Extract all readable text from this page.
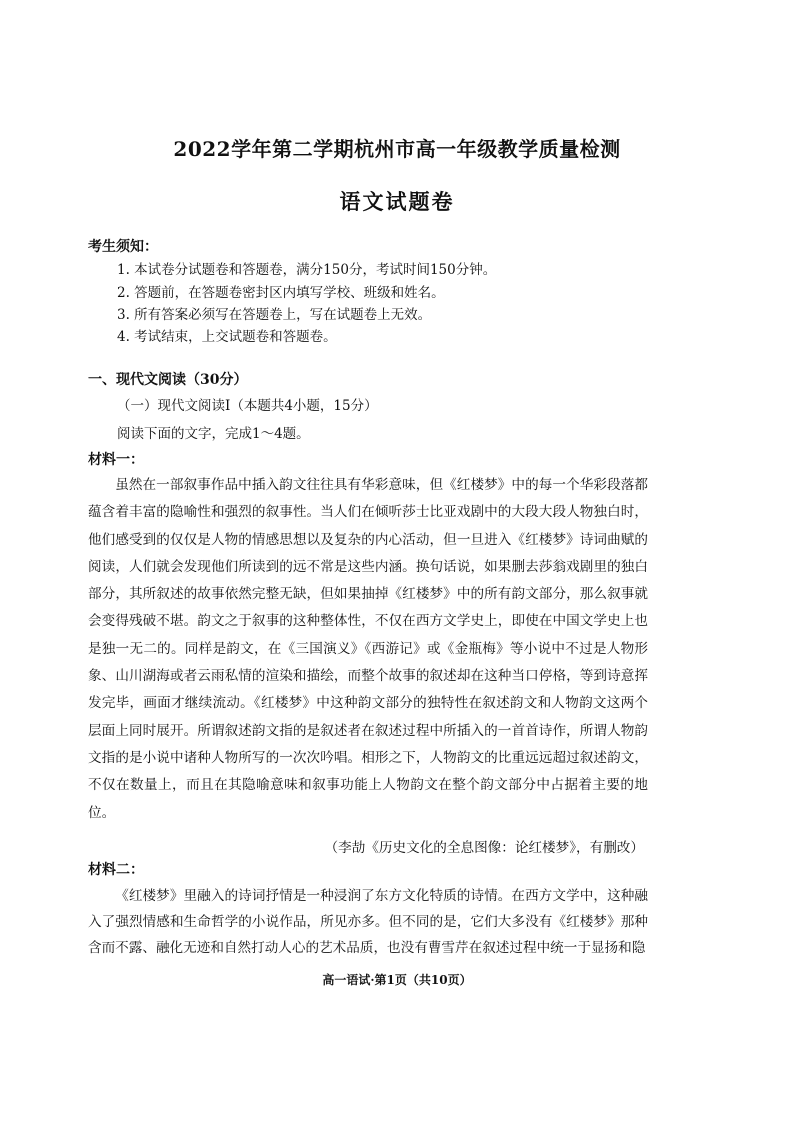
2022学年第二学期杭州市高一年级教学质量检测
语文试题卷
考生须知：
1. 本试卷分试题卷和答题卷，满分150分，考试时间150分钟。
2. 答题前，在答题卷密封区内填写学校、班级和姓名。
3. 所有答案必须写在答题卷上，写在试题卷上无效。
4. 考试结束，上交试题卷和答题卷。
一、现代文阅读（30分）
（一）现代文阅读Ⅰ（本题共4小题，15分）
阅读下面的文字，完成1～4题。
材料一：
虽然在一部叙事作品中插入韵文往往具有华彩意味，但《红楼梦》中的每一个华彩段落都蕴含着丰富的隐喻性和强烈的叙事性。当人们在倾听莎士比亚戏剧中的大段大段人物独白时，他们感受到的仅仅是人物的情感思想以及复杂的内心活动，但一旦进入《红楼梦》诗词曲赋的阅读，人们就会发现他们所读到的远不常是这些内涵。换句话说，如果删去莎翁戏剧里的独白部分，其所叙述的故事依然完整无缺，但如果抽掉《红楼梦》中的所有韵文部分，那么叙事就会变得残破不堪。韵文之于叙事的这种整体性，不仅在西方文学史上，即使在中国文学史上也是独一无二的。同样是韵文，在《三国演义》《西游记》或《金瓶梅》等小说中不过是人物形象、山川湖海或者云雨私情的渲染和描绘，而整个故事的叙述却在这种当口停格，等到诗意挥发完毕，画面才继续流动。《红楼梦》中这种韵文部分的独特性在叙述韵文和人物韵文这两个层面上同时展开。所谓叙述韵文指的是叙述者在叙述过程中所插入的一首首诗作，所谓人物韵文指的是小说中诸种人物所写的一次次吟唱。相形之下，人物韵文的比重远远超过叙述韵文，不仅在数量上，而且在其隐喻意味和叙事功能上人物韵文在整个韵文部分中占据着主要的地位。
（李劼《历史文化的全息图像：论红楼梦》，有删改）
材料二：
《红楼梦》里融入的诗词抒情是一种浸润了东方文化特质的诗情。在西方文学中，这种融入了强烈情感和生命哲学的小说作品，所见亦多。但不同的是，它们大多没有《红楼梦》那种含而不露、融化无迹和自然打动人心的艺术品质，也没有曹雪芹在叙述过程中统一于显扬和隐
高一语试·第1页（共10页）
